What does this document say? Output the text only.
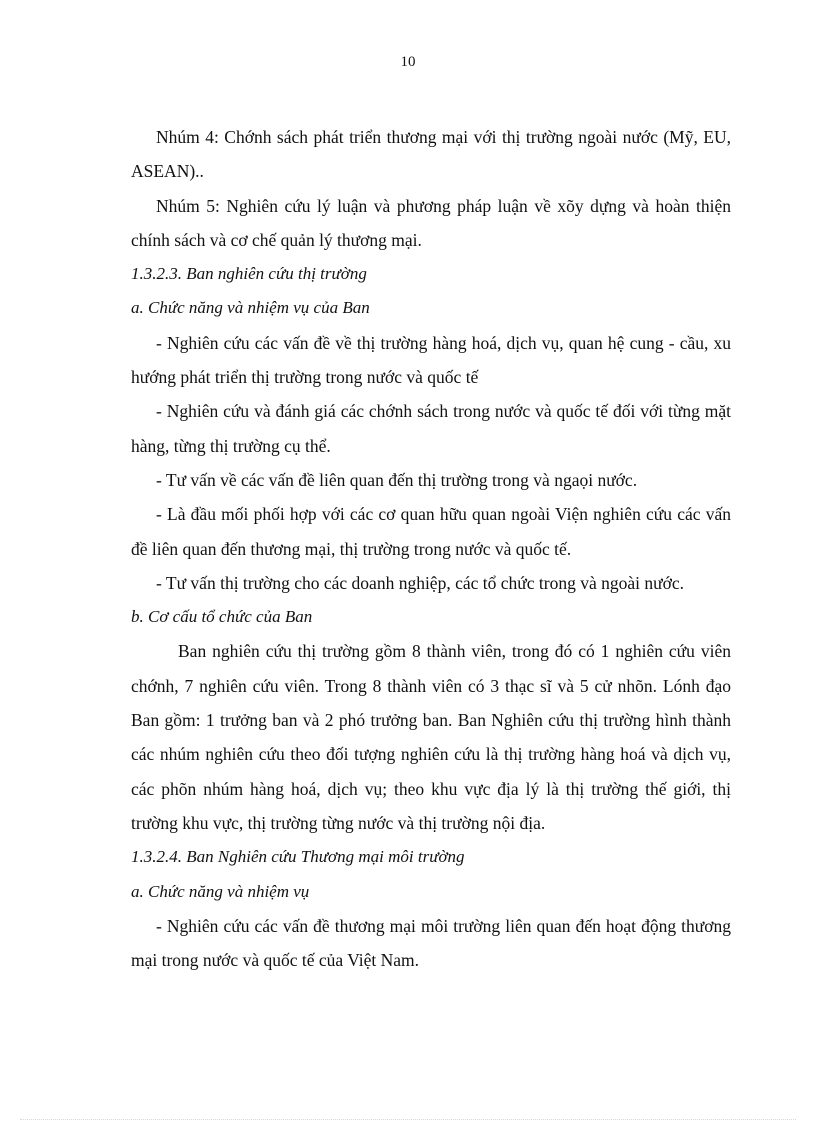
10

Nhúm 4: Chớnh sách phát triển thương mại với thị trường ngoài nước (Mỹ, EU, ASEAN)..

Nhúm 5: Nghiên cứu lý luận và phương pháp luận về xõy dựng và hoàn thiện chính sách và cơ chế quản lý thương mại.

1.3.2.3. Ban nghiên cứu thị trường

a. Chức năng và nhiệm vụ của Ban

- Nghiên cứu các vấn đề về thị trường hàng hoá, dịch vụ, quan hệ cung - cầu, xu hướng phát triển thị trường trong nước và quốc tế

- Nghiên cứu và đánh giá các chớnh sách trong nước và quốc tế đối với từng mặt hàng, từng thị trường cụ thể.

- Tư vấn về các vấn đề liên quan đến thị trường trong và ngaọi nước.

- Là đầu mối phối hợp với các cơ quan hữu quan ngoài Viện nghiên cứu các vấn đề liên quan đến thương mại, thị trường trong nước và quốc tế.

- Tư vấn thị trường cho các doanh nghiệp, các tổ chức trong và ngoài nước.

b. Cơ cấu tổ chức của Ban

Ban nghiên cứu thị trường gồm 8 thành viên, trong đó có 1 nghiên cứu viên chớnh, 7 nghiên cứu viên. Trong 8 thành viên có 3 thạc sĩ và 5 cử nhõn. Lónh đạo Ban gồm: 1 trưởng ban và 2 phó trưởng ban. Ban Nghiên cứu thị trường hình thành các nhúm nghiên cứu theo đối tượng nghiên cứu là thị trường hàng hoá và dịch vụ, các phõn nhúm hàng hoá, dịch vụ; theo khu vực địa lý là thị trường thế giới, thị trường khu vực, thị trường từng nước và thị trường nội địa.

1.3.2.4. Ban Nghiên cứu Thương mại môi trường

a. Chức năng và nhiệm vụ

- Nghiên cứu các vấn đề thương mại môi trường liên quan đến hoạt động thương mại trong nước và quốc tế của Việt Nam.
